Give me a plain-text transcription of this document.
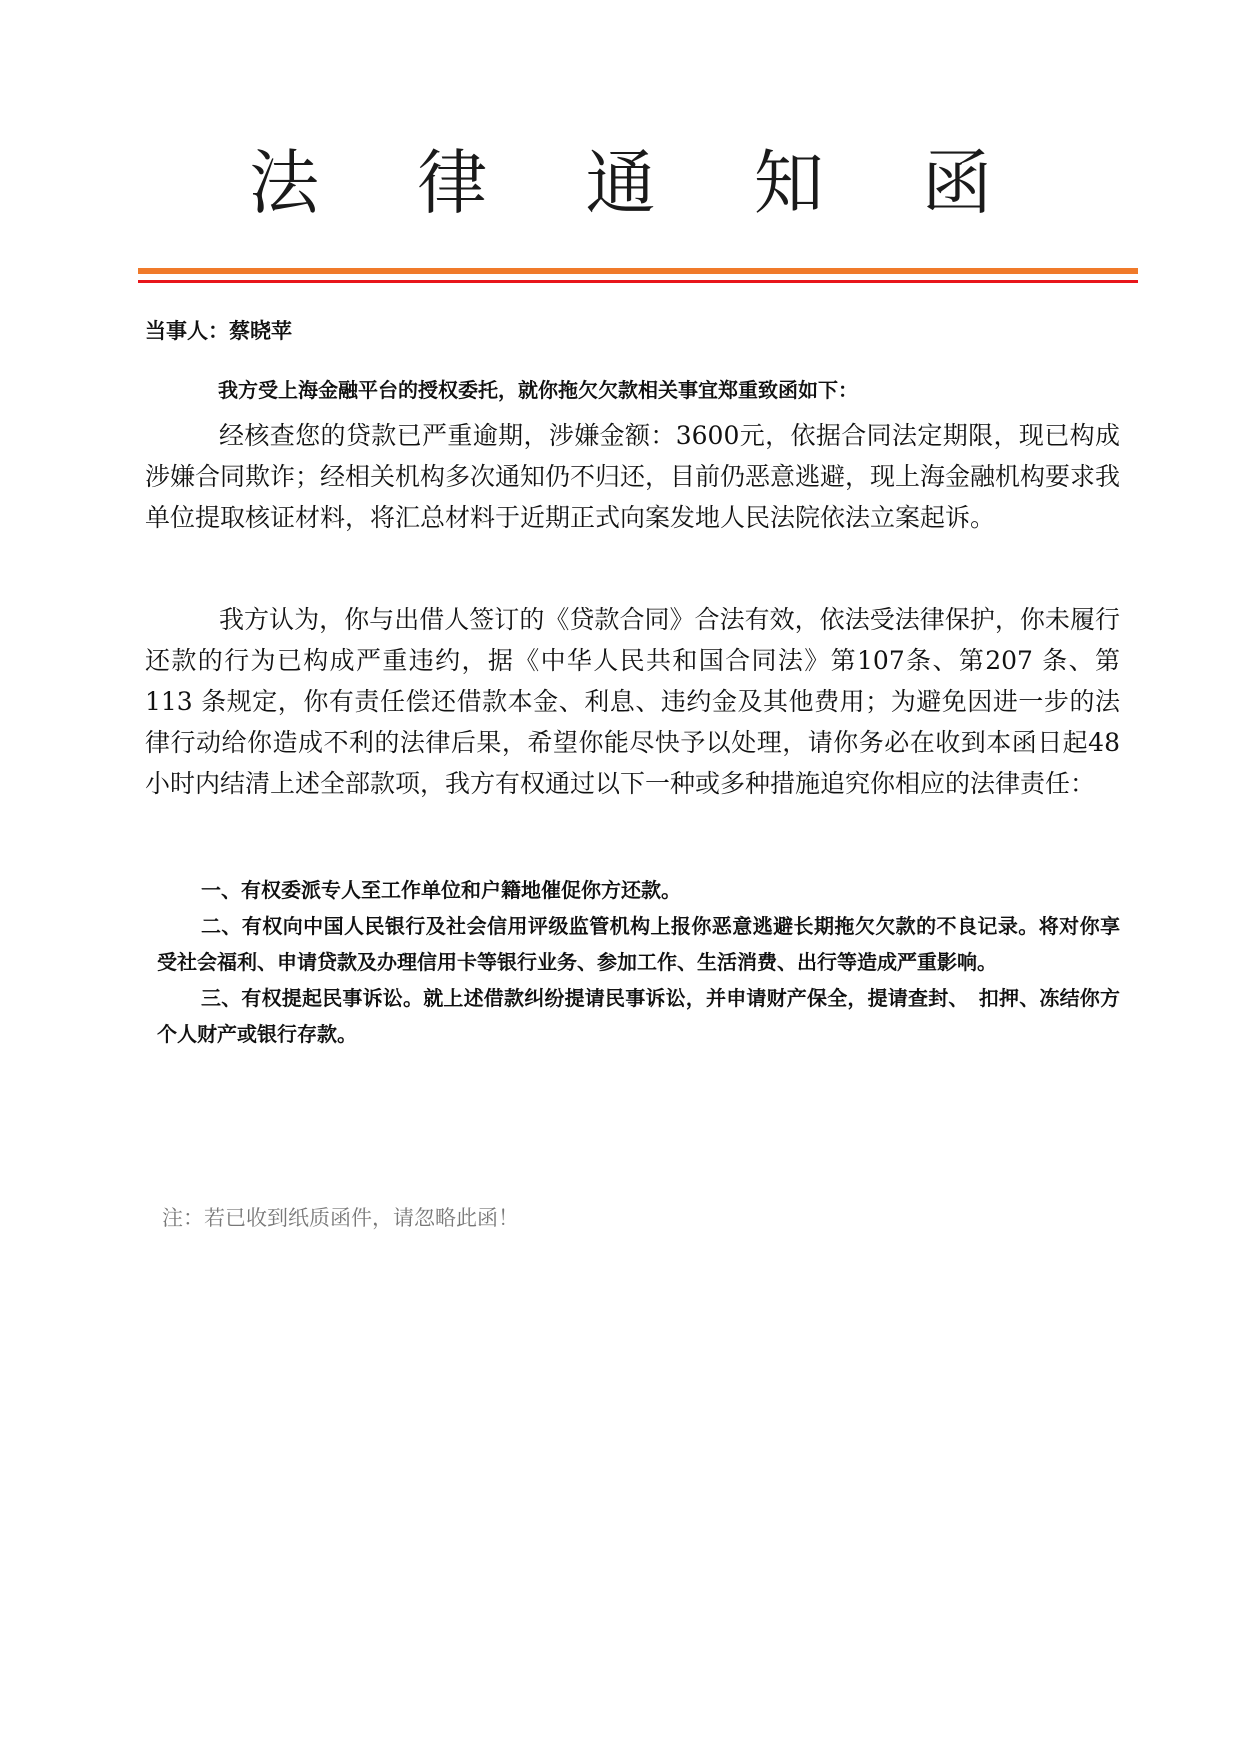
法 律 通 知 函
当事人：蔡晓苹
我方受上海金融平台的授权委托，就你拖欠欠款相关事宜郑重致函如下：
经核查您的贷款已严重逾期，涉嫌金额：3600元，依据合同法定期限，现已构成涉嫌合同欺诈；经相关机构多次通知仍不归还，目前仍恶意逃避，现上海金融机构要求我单位提取核证材料，将汇总材料于近期正式向案发地人民法院依法立案起诉。
我方认为，你与出借人签订的《贷款合同》合法有效，依法受法律保护，你未履行还款的行为已构成严重违约，据《中华人民共和国合同法》第107条、第207 条、第 113 条规定，你有责任偿还借款本金、利息、违约金及其他费用；为避免因进一步的法律行动给你造成不利的法律后果，希望你能尽快予以处理，请你务必在收到本函日起48小时内结清上述全部款项，我方有权通过以下一种或多种措施追究你相应的法律责任：

一、有权委派专人至工作单位和户籍地催促你方还款。

二、有权向中国人民银行及社会信用评级监管机构上报你恶意逃避长期拖欠欠款的不良记录。将对你享受社会福利、申请贷款及办理信用卡等银行业务、参加工作、生活消费、出行等造成严重影响。

三、有权提起民事诉讼。就上述借款纠纷提请民事诉讼，并申请财产保全，提请查封、　扣押、冻结你方个人财产或银行存款。

注：若已收到纸质函件，请忽略此函！
